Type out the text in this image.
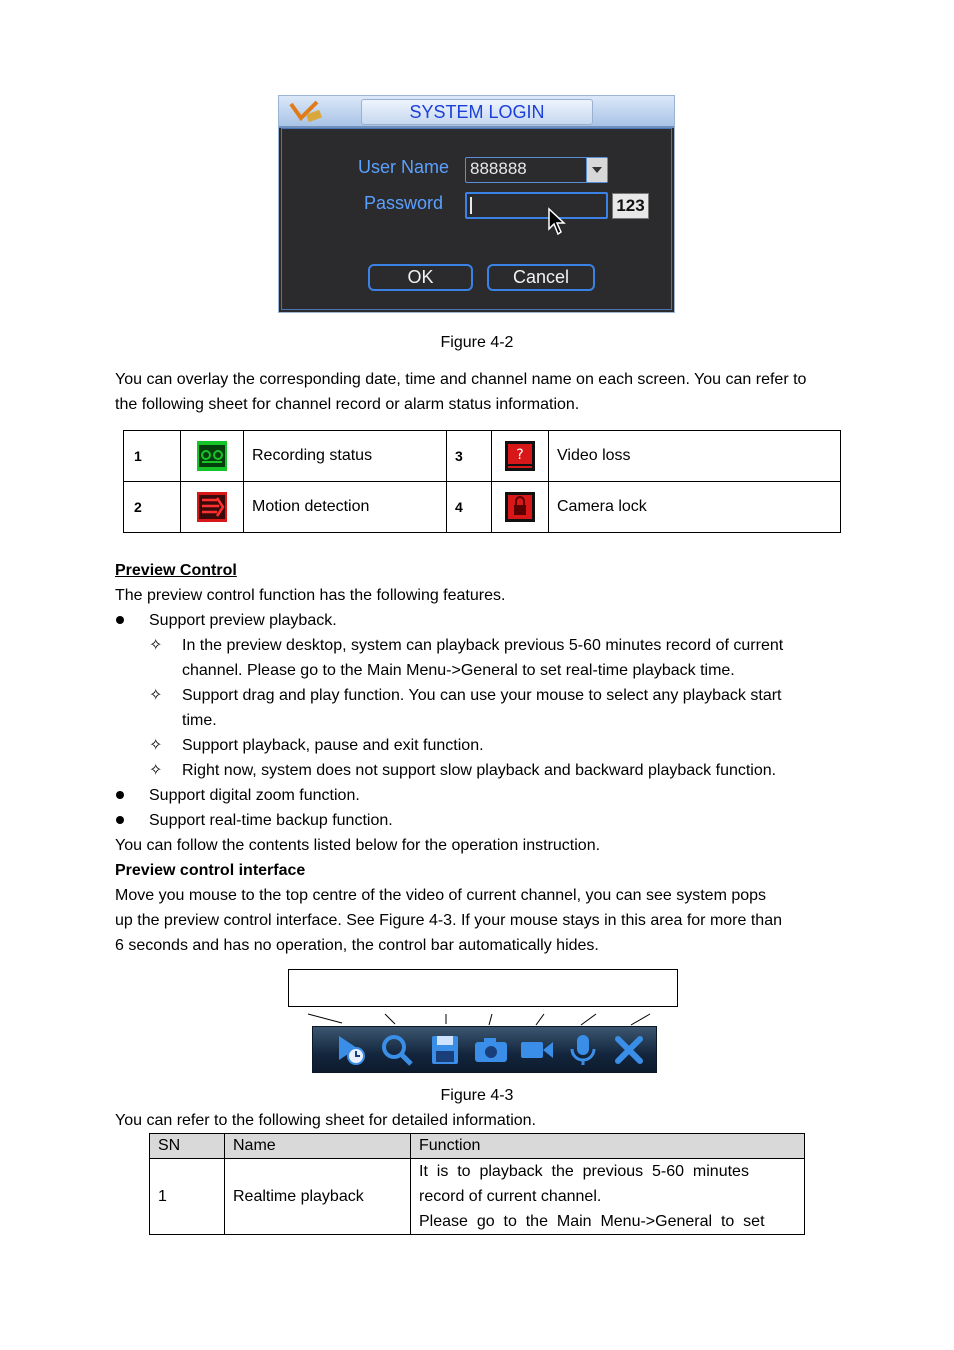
SYSTEM LOGIN
User Name 888888
Password	123
OK	Cancel
Figure 4-2
You can overlay the corresponding date, time and channel name on each screen. You can refer to
the following sheet for channel record or alarm status information.
1		Recording status	3	?	Video loss
2		Motion detection	4		Camera lock
Preview Control
The preview control function has the following features.
Support preview playback.
✧ In the preview desktop, system can playback previous 5-60 minutes record of current
channel. Please go to the Main Menu->General to set real-time playback time.
✧ Support drag and play function. You can use your mouse to select any playback start
time.
✧ Support playback, pause and exit function.
✧ Right now, system does not support slow playback and backward playback function.
Support digital zoom function.
Support real-time backup function.
You can follow the contents listed below for the operation instruction.
Preview control interface
Move you mouse to the top centre of the video of current channel, you can see system pops
up the preview control interface. See Figure 4-3. If your mouse stays in this area for more than
6 seconds and has no operation, the control bar automatically hides.
Figure 4-3
You can refer to the following sheet for detailed information.
SN	Name	Function
1	Realtime playback	It  is  to  playback  the  previous  5-60  minutes
record of current channel.
Please  go  to  the  Main  Menu->General  to  set
